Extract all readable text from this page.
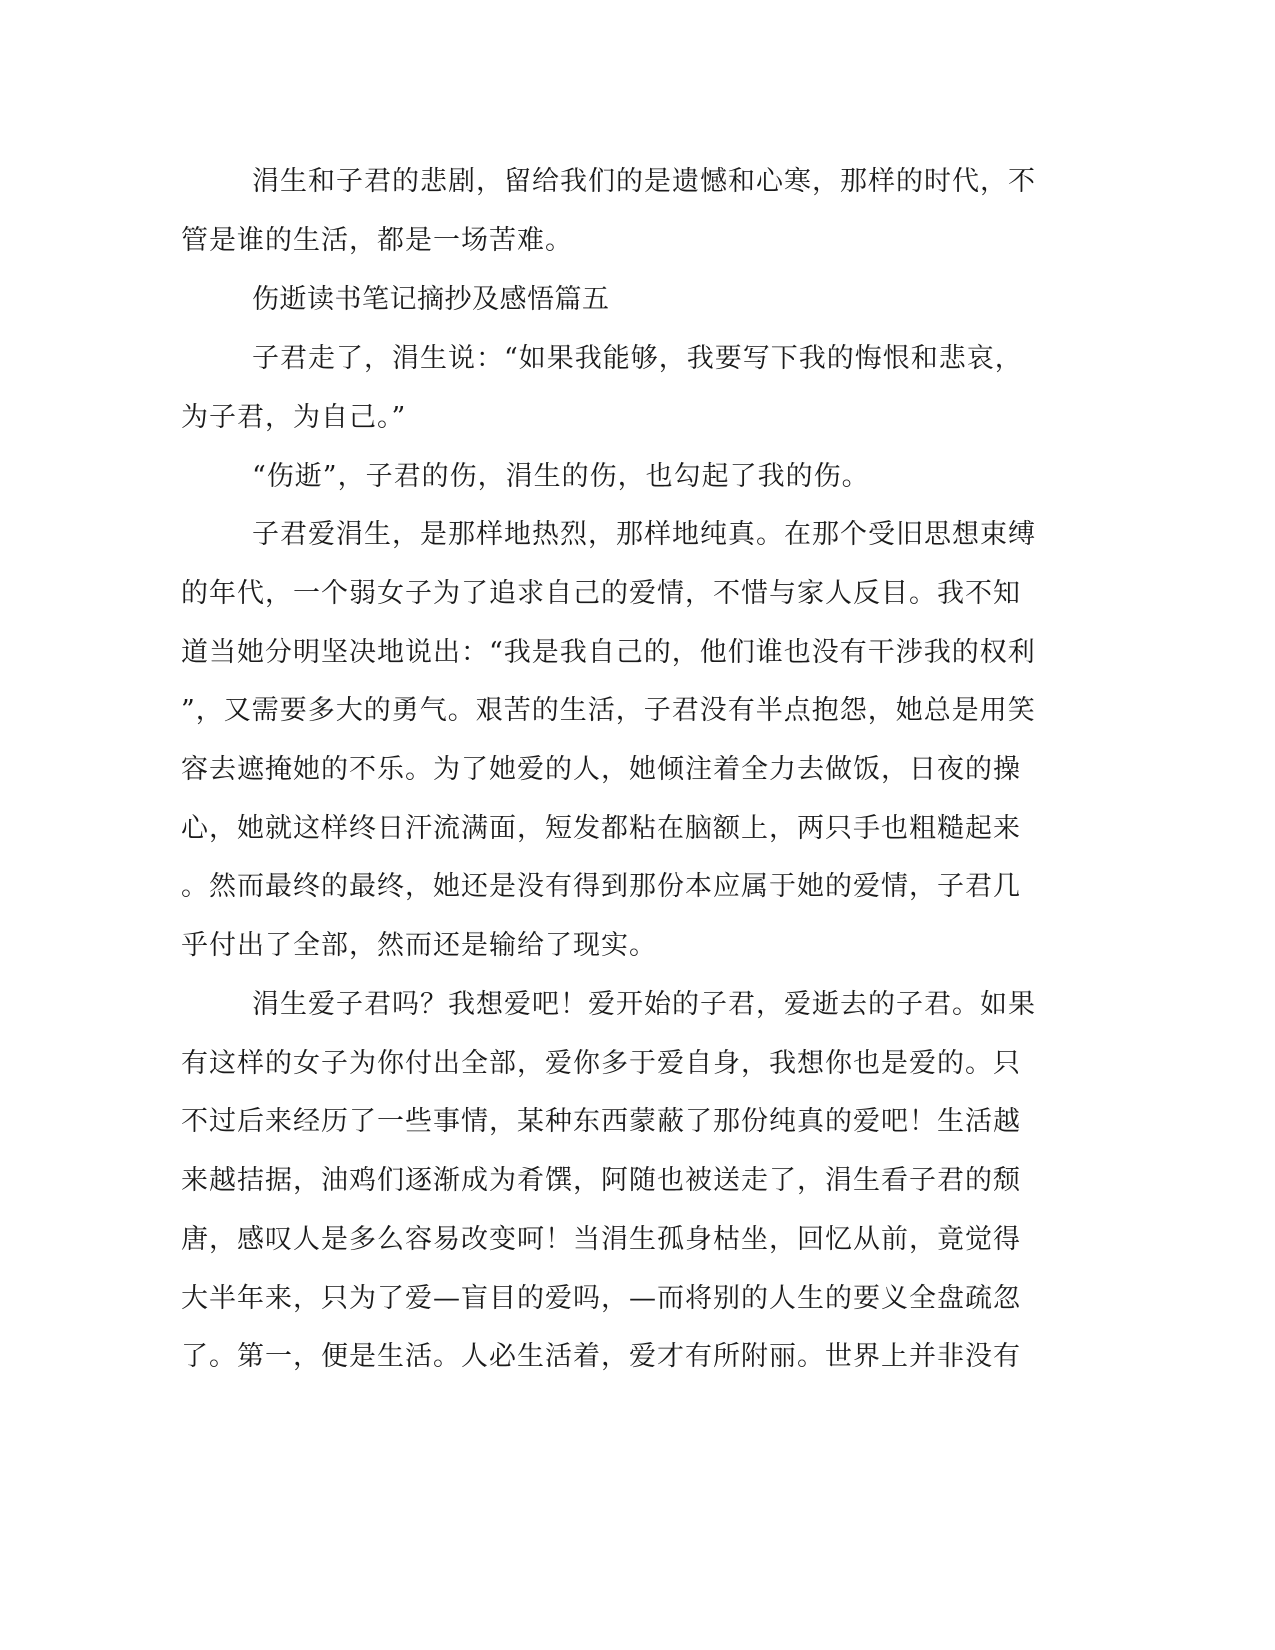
涓生和子君的悲剧，留给我们的是遗憾和心寒，那样的时代，不
管是谁的生活，都是一场苦难。
伤逝读书笔记摘抄及感悟篇五
子君走了，涓生说：“如果我能够，我要写下我的悔恨和悲哀，
为子君，为自己。”
“伤逝”，子君的伤，涓生的伤，也勾起了我的伤。
子君爱涓生，是那样地热烈，那样地纯真。在那个受旧思想束缚
的年代，一个弱女子为了追求自己的爱情，不惜与家人反目。我不知
道当她分明坚决地说出：“我是我自己的，他们谁也没有干涉我的权利
”，又需要多大的勇气。艰苦的生活，子君没有半点抱怨，她总是用笑
容去遮掩她的不乐。为了她爱的人，她倾注着全力去做饭，日夜的操
心，她就这样终日汗流满面，短发都粘在脑额上，两只手也粗糙起来
。然而最终的最终，她还是没有得到那份本应属于她的爱情，子君几
乎付出了全部，然而还是输给了现实。
涓生爱子君吗？我想爱吧！爱开始的子君，爱逝去的子君。如果
有这样的女子为你付出全部，爱你多于爱自身，我想你也是爱的。只
不过后来经历了一些事情，某种东西蒙蔽了那份纯真的爱吧！生活越
来越拮据，油鸡们逐渐成为肴馔，阿随也被送走了，涓生看子君的颓
唐，感叹人是多么容易改变呵！当涓生孤身枯坐，回忆从前，竟觉得
大半年来，只为了爱—盲目的爱吗，—而将别的人生的要义全盘疏忽
了。第一，便是生活。人必生活着，爱才有所附丽。世界上并非没有
